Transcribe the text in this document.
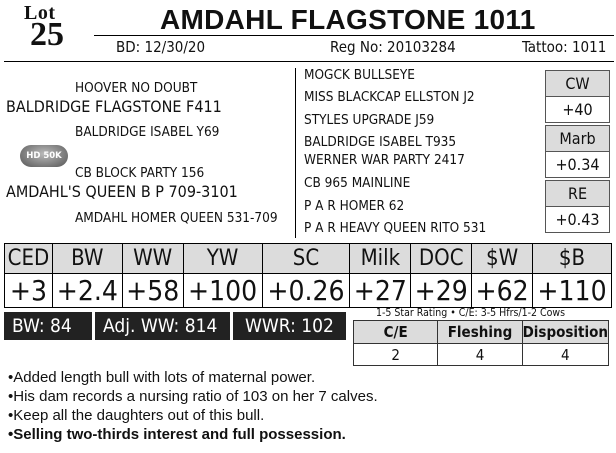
Lot
25	AMDAHL FLAGSTONE 1011
BD: 12/30/20	Reg No: 20103284	Tattoo: 1011
HOOVER NO DOUBT
BALDRIDGE FLAGSTONE F411
BALDRIDGE ISABEL Y69
HD 50K
CB BLOCK PARTY 156
AMDAHL'S QUEEN B P 709-3101
AMDAHL HOMER QUEEN 531-709
MOGCK BULLSEYE
MISS BLACKCAP ELLSTON J2
STYLES UPGRADE J59
BALDRIDGE ISABEL T935
WERNER WAR PARTY 2417
CB 965 MAINLINE
P A R HOMER 62
P A R HEAVY QUEEN RITO 531
CW
+40
Marb
+0.34
RE
+0.43
CED	BW	WW	YW	SC	Milk	DOC	$W	$B
+3	+2.4	+58	+100	+0.26	+27	+29	+62	+110
BW: 84	Adj. WW: 814	WWR: 102
1-5 Star Rating • C/E: 3-5 Hfrs/1-2 Cows
C/E	Fleshing	Disposition
2	4	4
• Added length bull with lots of maternal power.
• His dam records a nursing ratio of 103 on her 7 calves.
• Keep all the daughters out of this bull.
• Selling two-thirds interest and full possession.
